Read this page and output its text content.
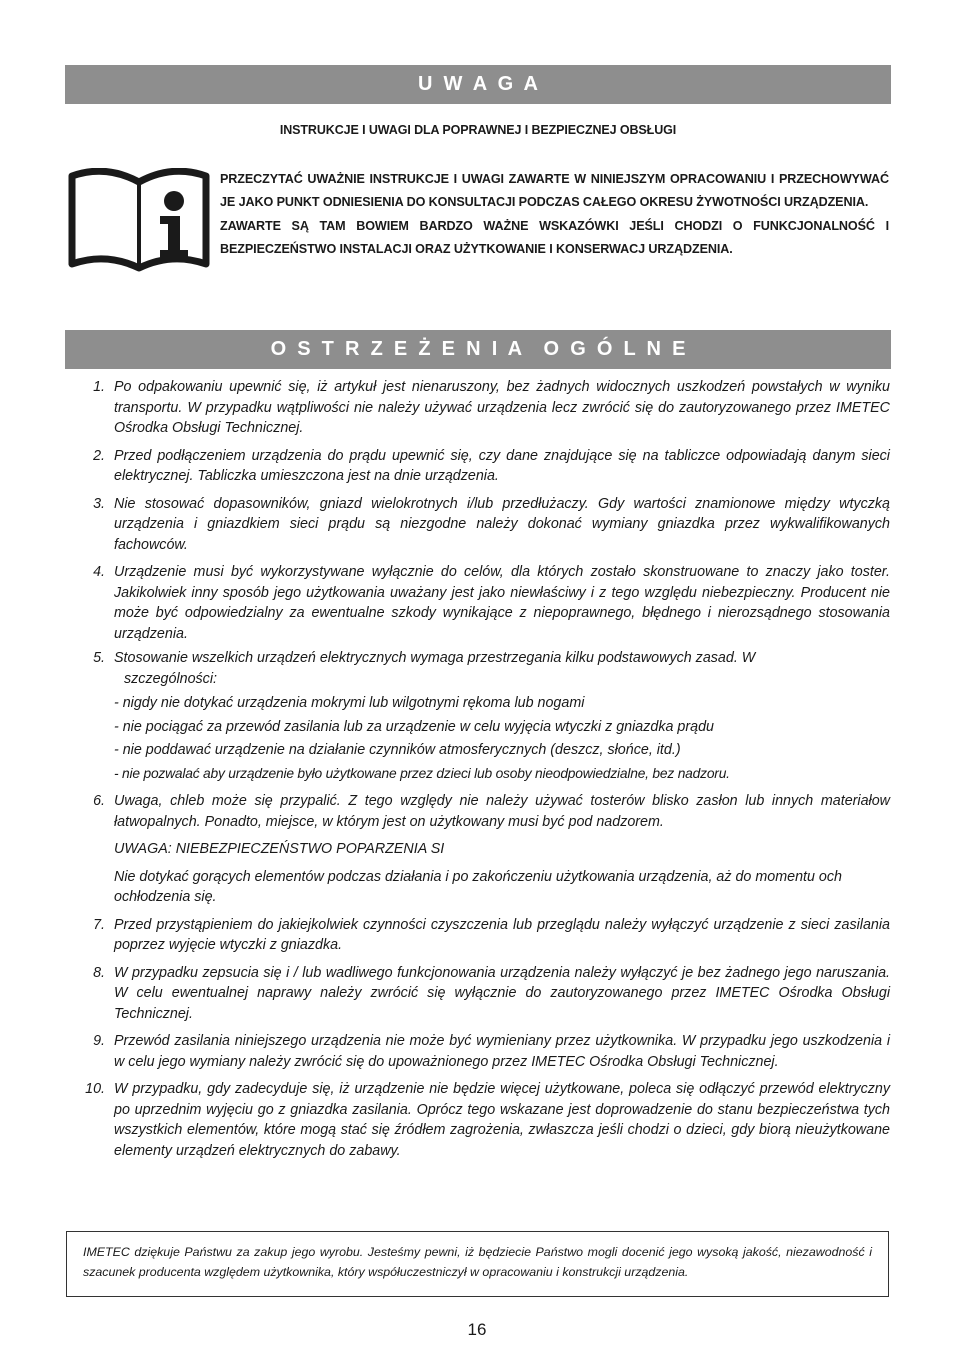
U  W  A  G  A
INSTRUKCJE I UWAGI DLA POPRAWNEJ I BEZPIECZNEJ OBSŁUGI

PRZECZYTAĆ UWAŻNIE INSTRUKCJE I UWAGI ZAWARTE W NINIEJSZYM OPRACOWANIU I PRZECHOWYWAĆ JE JAKO PUNKT ODNIESIENIA DO KONSULTACJI PODCZAS CAŁEGO OKRESU ŻYWOTNOŚCI URZĄDZENIA.

ZAWARTE SĄ TAM BOWIEM BARDZO WAŻNE WSKAZÓWKI JEŚLI CHODZI O FUNKCJONALNOŚĆ I BEZPIECZEŃSTWO INSTALACJI ORAZ UŻYTKOWANIE I KONSERWACJ URZĄDZENIA.

O  S  T  R  Z  E  Ż  E  N  I  A    O  G  Ó  L  N  E
1. Po odpakowaniu upewnić się, iż artykuł jest nienaruszony, bez żadnych widocznych uszkodzeń powstałych w wyniku transportu. W przypadku wątpliwości nie należy używać urządzenia lecz zwrócić się do zautoryzowanego przez IMETEC Ośrodka Obsługi Technicznej.
2. Przed podłączeniem urządzenia do prądu upewnić się, czy dane znajdujące się na tabliczce odpowiadają danym sieci elektrycznej. Tabliczka umieszczona jest na dnie urządzenia.
3. Nie stosować dopasowników, gniazd wielokrotnych i/lub przedłużaczy. Gdy wartości znamionowe między wtyczką urządzenia i gniazdkiem sieci prądu są niezgodne należy dokonać wymiany gniazdka przez wykwalifikowanych fachowców.
4. Urządzenie musi być wykorzystywane wyłącznie do celów, dla których zostało skonstruowane to znaczy jako toster. Jakikolwiek inny sposób jego użytkowania uważany jest jako niewłaściwy i z tego względu niebezpieczny. Producent nie może być odpowiedzialny za ewentualne szkody wynikające z niepoprawnego, błędnego i nierozsądnego stosowania urządzenia.
5. Stosowanie wszelkich urządzeń elektrycznych wymaga przestrzegania kilku podstawowych zasad. W
szczególności:
- nigdy nie dotykać urządzenia mokrymi lub wilgotnymi rękoma lub nogami
- nie pociągać za przewód zasilania lub za urządzenie w celu wyjęcia wtyczki z gniazdka prądu
- nie poddawać urządzenie na działanie czynników atmosferycznych (deszcz, słońce, itd.)
- nie pozwalać aby urządzenie było użytkowane przez dzieci lub osoby nieodpowiedzialne, bez nadzoru.
6. Uwaga, chleb może się przypalić. Z tego względy nie należy używać tosterów blisko zasłon lub innych materiałow łatwopalnych. Ponadto, miejsce, w którym jest on użytkowany musi być pod nadzorem.
UWAGA: NIEBEZPIECZEŃSTWO POPARZENIA SI
Nie dotykać gorących elementów podczas działania i po zakończeniu użytkowania urządzenia, aż do momentu och ochłodzenia się.
7. Przed przystąpieniem do jakiejkolwiek czynności czyszczenia lub przeglądu należy wyłączyć urządzenie z sieci zasilania poprzez wyjęcie wtyczki z gniazdka.
8. W przypadku zepsucia się i / lub wadliwego funkcjonowania urządzenia należy wyłączyć je bez żadnego jego naruszania. W celu ewentualnej naprawy należy zwrócić się wyłącznie do zautoryzowanego przez IMETEC Ośrodka Obsługi Technicznej.
9. Przewód zasilania niniejszego urządzenia nie może być wymieniany przez użytkownika. W przypadku jego uszkodzenia i w celu jego wymiany należy zwrócić się do upoważnionego przez IMETEC Ośrodka Obsługi Technicznej.
10. W przypadku, gdy zadecyduje się, iż urządzenie nie będzie więcej użytkowane, poleca się odłączyć przewód elektryczny po uprzednim wyjęciu go z gniazdka zasilania. Oprócz tego wskazane jest doprowadzenie do stanu bezpieczeństwa tych wszystkich elementów, które mogą stać się źródłem zagrożenia, zwłaszcza jeśli chodzi o dzieci, gdy biorą nieużytkowane elementy urządzeń elektrycznych do zabawy.
IMETEC dziękuje Państwu za zakup jego wyrobu. Jesteśmy pewni, iż będziecie Państwo mogli docenić jego wysoką jakość, niezawodność i szacunek producenta względem użytkownika, który współuczestniczył w opracowaniu i konstrukcji urządzenia.
16
